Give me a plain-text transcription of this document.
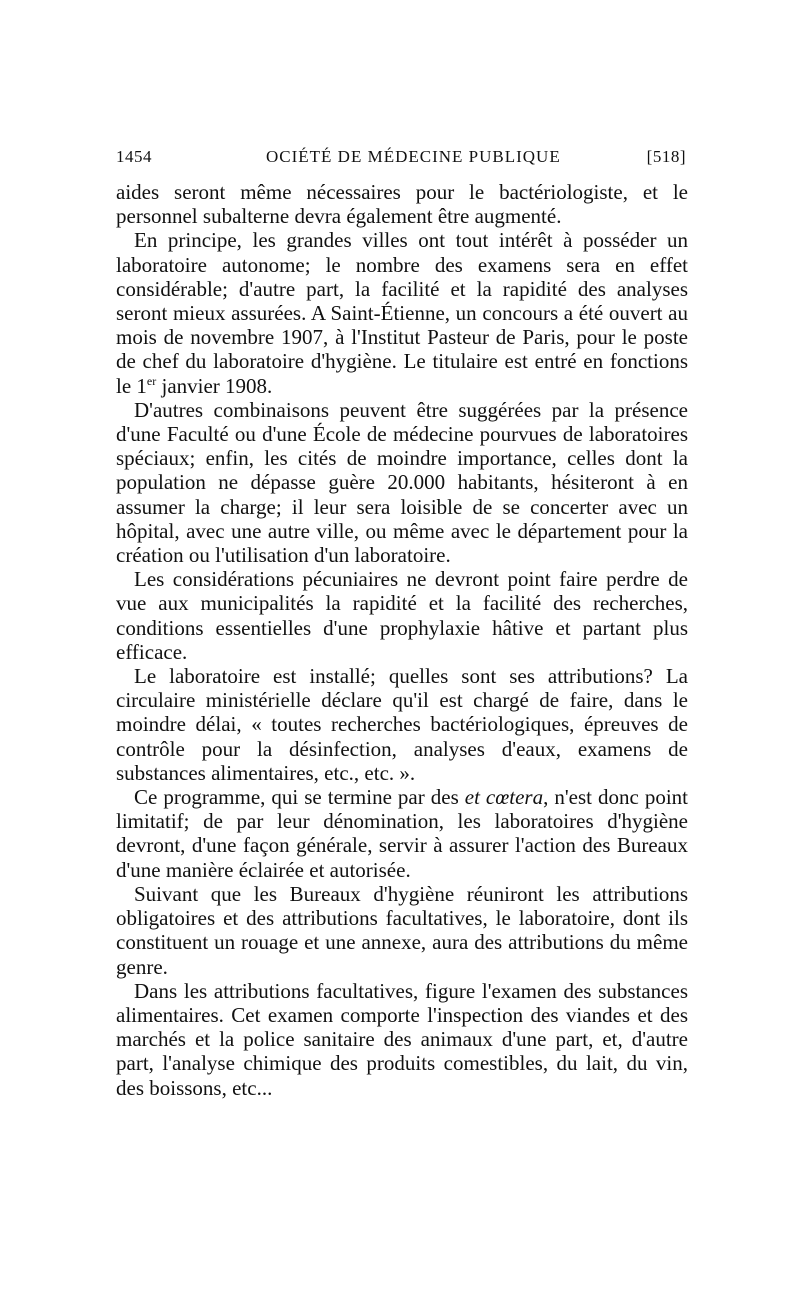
1454	OCIÉTÉ DE MÉDECINE PUBLIQUE	[518]

aides seront même nécessaires pour le bactériologiste, et le personnel subalterne devra également être augmenté.

En principe, les grandes villes ont tout intérêt à posséder un laboratoire autonome; le nombre des examens sera en effet considérable; d'autre part, la facilité et la rapidité des analyses seront mieux assurées. A Saint-Étienne, un concours a été ouvert au mois de novembre 1907, à l'Institut Pasteur de Paris, pour le poste de chef du laboratoire d'hygiène. Le titulaire est entré en fonctions le 1er janvier 1908.

D'autres combinaisons peuvent être suggérées par la présence d'une Faculté ou d'une École de médecine pourvues de laboratoires spéciaux; enfin, les cités de moindre importance, celles dont la population ne dépasse guère 20.000 habitants, hésiteront à en assumer la charge; il leur sera loisible de se concerter avec un hôpital, avec une autre ville, ou même avec le département pour la création ou l'utilisation d'un laboratoire.

Les considérations pécuniaires ne devront point faire perdre de vue aux municipalités la rapidité et la facilité des recherches, conditions essentielles d'une prophylaxie hâtive et partant plus efficace.

Le laboratoire est installé; quelles sont ses attributions? La circulaire ministérielle déclare qu'il est chargé de faire, dans le moindre délai, « toutes recherches bactériologiques, épreuves de contrôle pour la désinfection, analyses d'eaux, examens de substances alimentaires, etc., etc. ».

Ce programme, qui se termine par des et cœtera, n'est donc point limitatif; de par leur dénomination, les laboratoires d'hygiène devront, d'une façon générale, servir à assurer l'action des Bureaux d'une manière éclairée et autorisée.

Suivant que les Bureaux d'hygiène réuniront les attributions obligatoires et des attributions facultatives, le laboratoire, dont ils constituent un rouage et une annexe, aura des attributions du même genre.

Dans les attributions facultatives, figure l'examen des substances alimentaires. Cet examen comporte l'inspection des viandes et des marchés et la police sanitaire des animaux d'une part, et, d'autre part, l'analyse chimique des produits comestibles, du lait, du vin, des boissons, etc...
